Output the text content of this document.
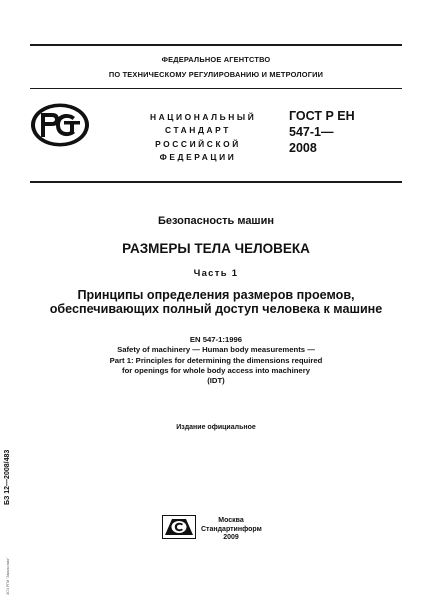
ФЕДЕРАЛЬНОЕ АГЕНТСТВО
ПО ТЕХНИЧЕСКОМУ РЕГУЛИРОВАНИЮ И МЕТРОЛОГИИ
НАЦИОНАЛЬНЫЙ
СТАНДАРТ
РОССИЙСКОЙ
ФЕДЕРАЦИИ
ГОСТ Р ЕН
547-1—
2008
Безопасность машин
РАЗМЕРЫ ТЕЛА ЧЕЛОВЕКА
Часть 1
Принципы определения размеров проемов,
обеспечивающих полный доступ человека к машине
EN 547-1:1996
Safety of machinery — Human body measurements —
Part 1: Principles for determining the dimensions required
for openings for whole body access into machinery
(IDT)
Издание официальное
БЗ 12—2008/483
ЗСЧ РГМ "Амальгама"
Москва
Стандартинформ
2009
